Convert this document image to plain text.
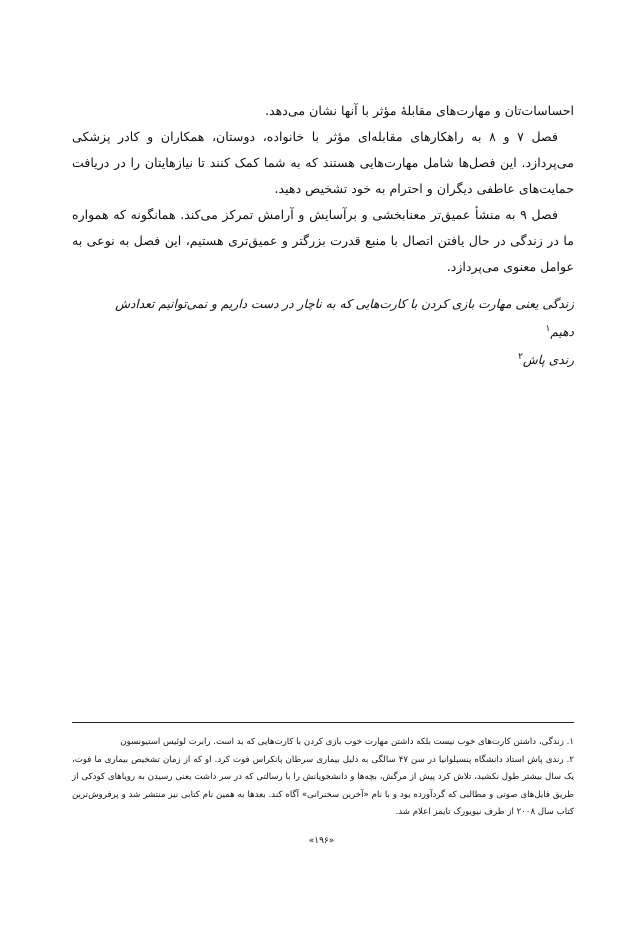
احساسات‌تان و مهارت‌های مقابلهٔ مؤثر با آنها نشان می‌دهد.

فصل ۷ و ۸ به راهکارهای مقابله‌ای مؤثر با خانواده، دوستان، همکاران و کادر پزشکی می‌پردازد. این فصل‌ها شامل مهارت‌هایی هستند که به شما کمک کنند تا نیازهایتان را در دریافت حمایت‌های عاطفی دیگران و احترام به خود تشخیص دهید.

فصل ۹ به منشأ عمیق‌تر معنابخشی و برآسایش و آرامش تمرکز می‌کند. همانگونه که همواره ما در زندگی در حال یافتن اتصال با منبع قدرت بزرگتر و عمیق‌تری هستیم، این فصل به نوعی به عوامل معنوی می‌پردازد.

زندگی یعنی مهارت بازی کردن با کارت‌هایی که به ناچار در دست داریم و نمی‌توانیم تعدادش دهیم$^۱$

رندی پاش$^۲$

۱. زندگی، داشتن کارت‌های خوب نیست بلکه داشتن مهارت خوب بازی کردن با کارت‌هایی که بد است. رابرت لوئیس استیونسون

۲. رندی پاش استاد دانشگاه پنسیلوانیا در سن ۴۷ سالگی به دلیل بیماری سرطان پانکراس فوت کرد. او که از زمان تشخیص بیماری ما فوت، یک سال بیشتر طول نکشید، تلاش کرد پیش از مرگش، بچه‌ها و دانشجویانش را با رسالتی که در سر داشت یعنی رسیدن به رویاهای کودکی از طریق فایل‌های صوتی و مطالبی که گردآورده بود و با نام «آخرین سخنرانی» آگاه کند. بعدها به همین نام کتابی نیز منتشر شد و پرفروش‌ترین کتاب سال ۲۰۰۸ از طرف نیویورک تایمز اعلام شد.

«۱۹۶»
